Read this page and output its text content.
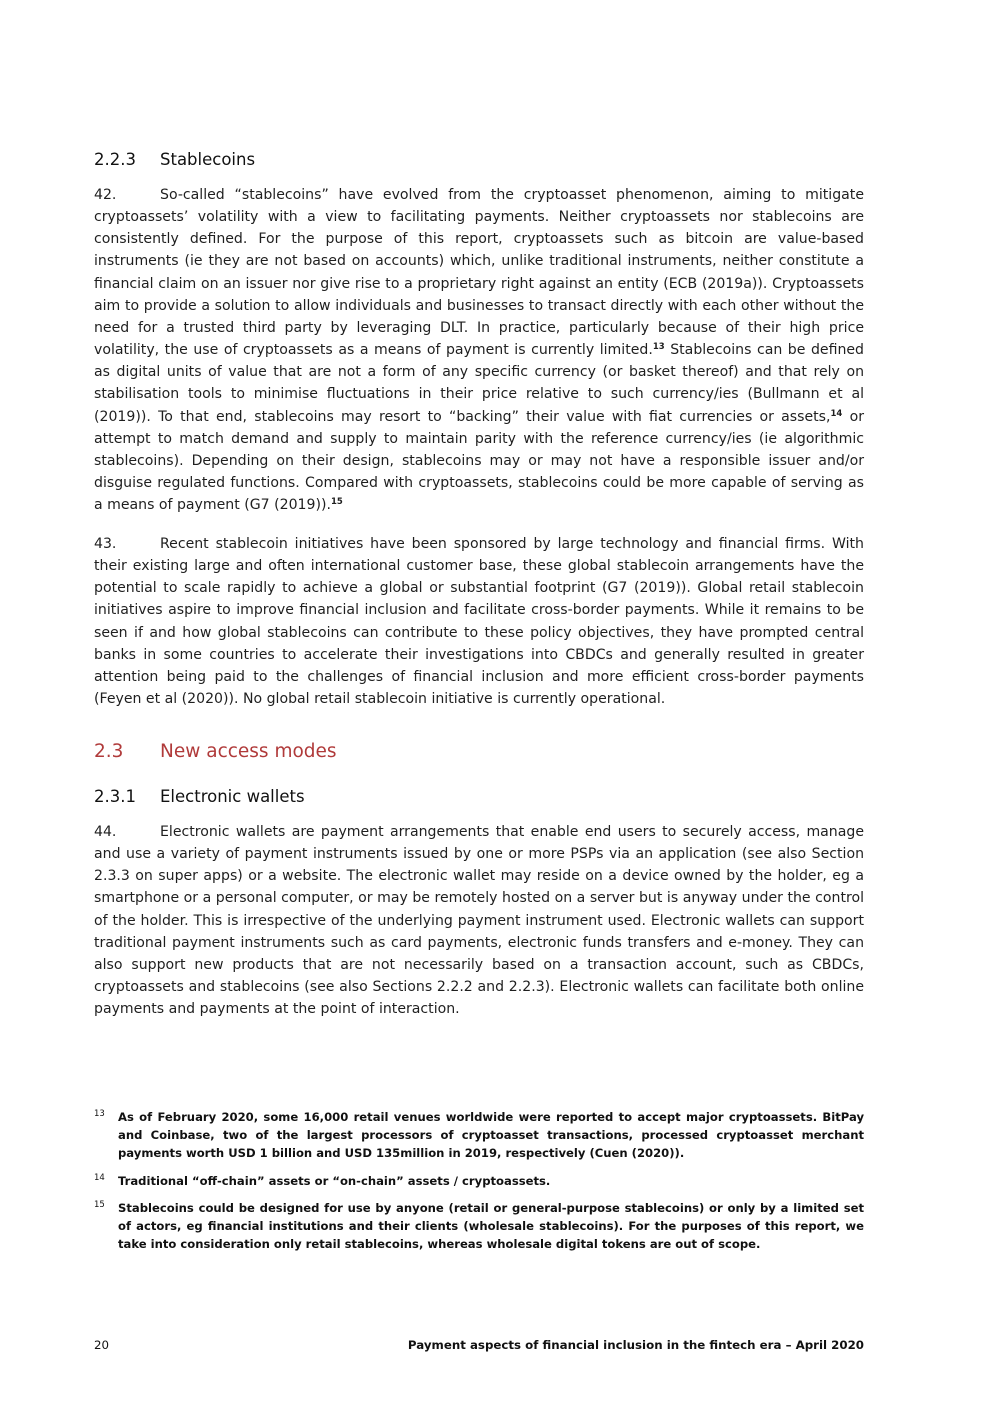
2.2.3 Stablecoins

42.	So-called “stablecoins” have evolved from the cryptoasset phenomenon, aiming to mitigate cryptoassets’ volatility with a view to facilitating payments. Neither cryptoassets nor stablecoins are consistently defined. For the purpose of this report, cryptoassets such as bitcoin are value-based instruments (ie they are not based on accounts) which, unlike traditional instruments, neither constitute a financial claim on an issuer nor give rise to a proprietary right against an entity (ECB (2019a)). Cryptoassets aim to provide a solution to allow individuals and businesses to transact directly with each other without the need for a trusted third party by leveraging DLT. In practice, particularly because of their high price volatility, the use of cryptoassets as a means of payment is currently limited.$^{13}$ Stablecoins can be defined as digital units of value that are not a form of any specific currency (or basket thereof) and that rely on stabilisation tools to minimise fluctuations in their price relative to such currency/ies (Bullmann et al (2019)). To that end, stablecoins may resort to “backing” their value with fiat currencies or assets,$^{14}$ or attempt to match demand and supply to maintain parity with the reference currency/ies (ie algorithmic stablecoins). Depending on their design, stablecoins may or may not have a responsible issuer and/or disguise regulated functions. Compared with cryptoassets, stablecoins could be more capable of serving as a means of payment (G7 (2019)).$^{15}$

43.	Recent stablecoin initiatives have been sponsored by large technology and financial firms. With their existing large and often international customer base, these global stablecoin arrangements have the potential to scale rapidly to achieve a global or substantial footprint (G7 (2019)). Global retail stablecoin initiatives aspire to improve financial inclusion and facilitate cross-border payments. While it remains to be seen if and how global stablecoins can contribute to these policy objectives, they have prompted central banks in some countries to accelerate their investigations into CBDCs and generally resulted in greater attention being paid to the challenges of financial inclusion and more efficient cross-border payments (Feyen et al (2020)). No global retail stablecoin initiative is currently operational.

2.3 New access modes
2.3.1 Electronic wallets

44.	Electronic wallets are payment arrangements that enable end users to securely access, manage and use a variety of payment instruments issued by one or more PSPs via an application (see also Section 2.3.3 on super apps) or a website. The electronic wallet may reside on a device owned by the holder, eg a smartphone or a personal computer, or may be remotely hosted on a server but is anyway under the control of the holder. This is irrespective of the underlying payment instrument used. Electronic wallets can support traditional payment instruments such as card payments, electronic funds transfers and e-money. They can also support new products that are not necessarily based on a transaction account, such as CBDCs, cryptoassets and stablecoins (see also Sections 2.2.2 and 2.2.3). Electronic wallets can facilitate both online payments and payments at the point of interaction.

13 As of February 2020, some 16,000 retail venues worldwide were reported to accept major cryptoassets. BitPay and Coinbase, two of the largest processors of cryptoasset transactions, processed cryptoasset merchant payments worth USD 1 billion and USD 135million in 2019, respectively (Cuen (2020)).
14 Traditional “off-chain” assets or “on-chain” assets / cryptoassets.
15 Stablecoins could be designed for use by anyone (retail or general-purpose stablecoins) or only by a limited set of actors, eg financial institutions and their clients (wholesale stablecoins). For the purposes of this report, we take into consideration only retail stablecoins, whereas wholesale digital tokens are out of scope.
20	Payment aspects of financial inclusion in the fintech era – April 2020
